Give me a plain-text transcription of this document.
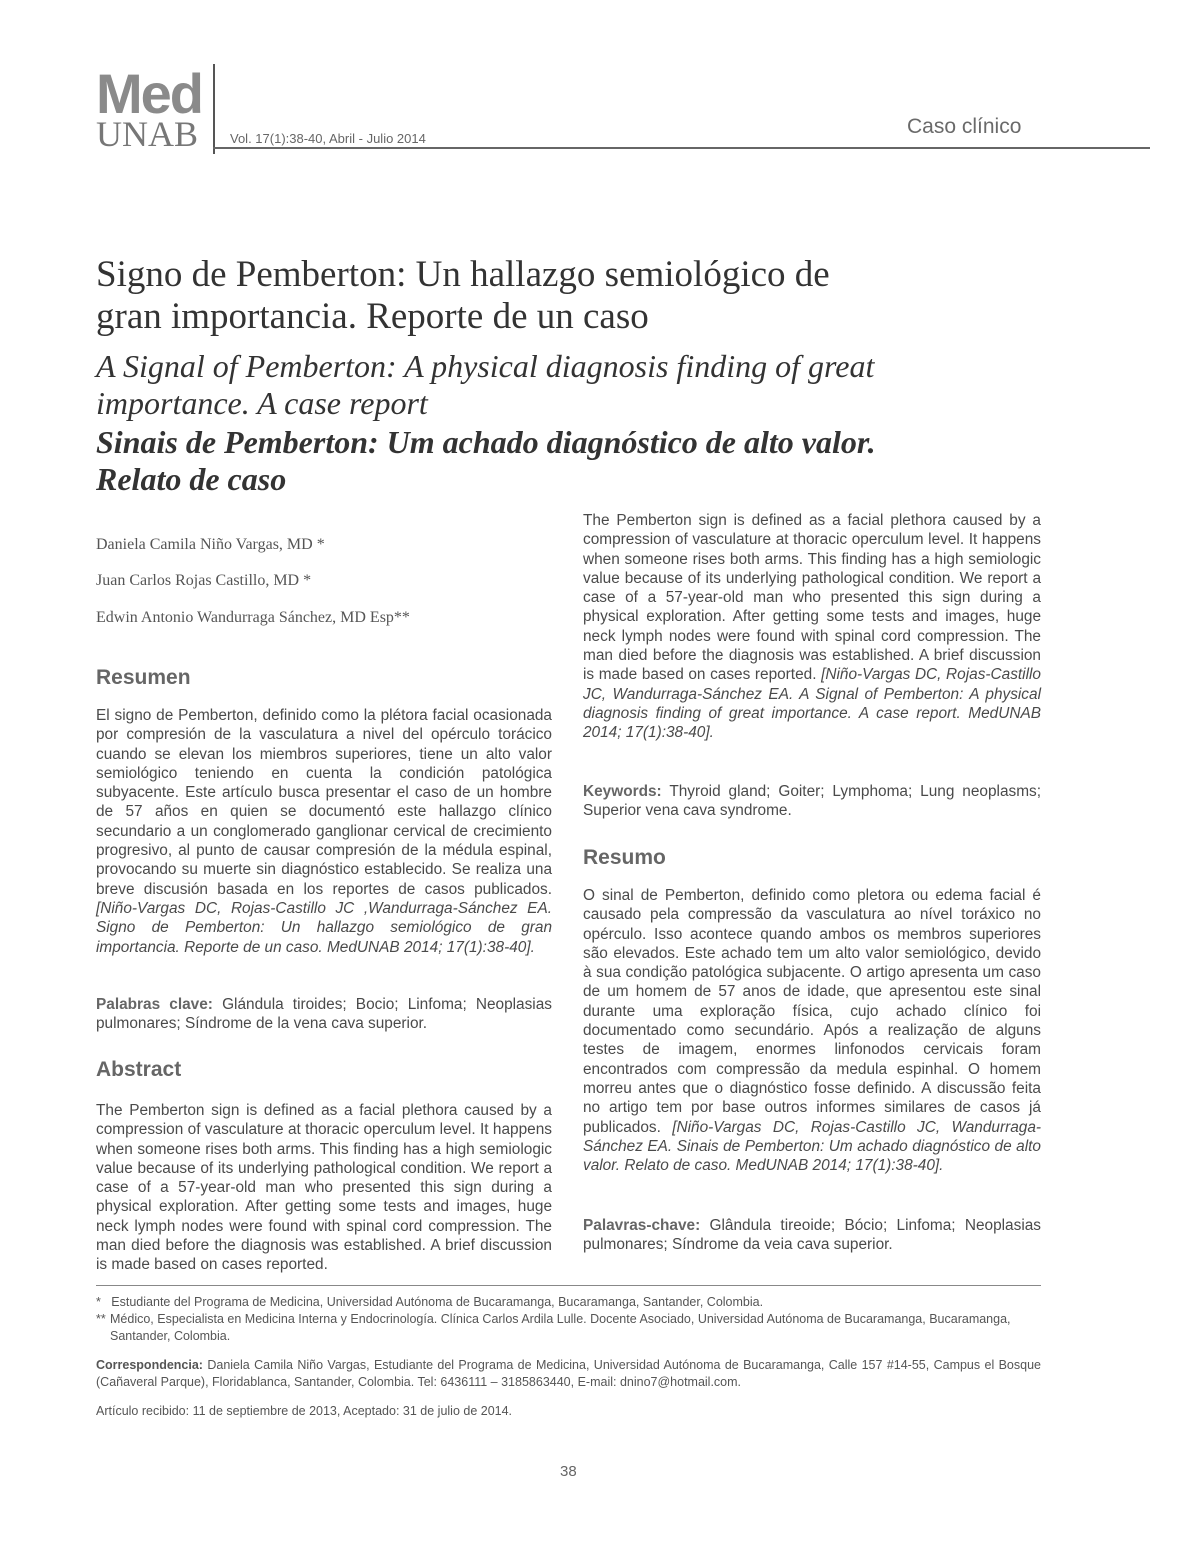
Med
UNAB Vol. 17(1):38-40, Abril - Julio 2014
Caso clínico
Signo de Pemberton: Un hallazgo semiológico de gran importancia. Reporte de un caso
A Signal of Pemberton: A physical diagnosis finding of great importance. A case report
Sinais de Pemberton: Um achado diagnóstico de alto valor. Relato de caso
Daniela Camila Niño Vargas, MD *
Juan Carlos Rojas Castillo, MD *
Edwin Antonio Wandurraga Sánchez, MD Esp**
Resumen
El signo de Pemberton, definido como la plétora facial ocasionada por compresión de la vasculatura a nivel del opérculo torácico cuando se elevan los miembros superiores, tiene un alto valor semiológico teniendo en cuenta la condición patológica subyacente. Este artículo busca presentar el caso de un hombre de 57 años en quien se documentó este hallazgo clínico secundario a un conglomerado ganglionar cervical de crecimiento progresivo, al punto de causar compresión de la médula espinal, provocando su muerte sin diagnóstico establecido. Se realiza una breve discusión basada en los reportes de casos publicados. [Niño-Vargas DC, Rojas-Castillo JC ,Wandurraga-Sánchez EA. Signo de Pemberton: Un hallazgo semiológico de gran importancia. Reporte de un caso. MedUNAB 2014; 17(1):38-40].
Palabras clave: Glándula tiroides; Bocio; Linfoma; Neoplasias pulmonares; Síndrome de la vena cava superior.
Abstract
The Pemberton sign is defined as a facial plethora caused by a compression of vasculature at thoracic operculum level. It happens when someone rises both arms. This finding has a high semiologic value because of its underlying pathological condition. We report a case of a 57-year-old man who presented this sign during a physical exploration. After getting some tests and images, huge neck lymph nodes were found with spinal cord compression. The man died before the diagnosis was established. A brief discussion is made based on cases reported.
The Pemberton sign is defined as a facial plethora caused by a compression of vasculature at thoracic operculum level. It happens when someone rises both arms. This finding has a high semiologic value because of its underlying pathological condition. We report a case of a 57-year-old man who presented this sign during a physical exploration. After getting some tests and images, huge neck lymph nodes were found with spinal cord compression. The man died before the diagnosis was established. A brief discussion is made based on cases reported. [Niño-Vargas DC, Rojas-Castillo JC, Wandurraga-Sánchez EA. A Signal of Pemberton: A physical diagnosis finding of great importance. A case report. MedUNAB 2014; 17(1):38-40].
Keywords: Thyroid gland; Goiter; Lymphoma; Lung neoplasms; Superior vena cava syndrome.
Resumo
O sinal de Pemberton, definido como pletora ou edema facial é causado pela compressão da vasculatura ao nível toráxico no opérculo. Isso acontece quando ambos os membros superiores são elevados. Este achado tem um alto valor semiológico, devido à sua condição patológica subjacente. O artigo apresenta um caso de um homem de 57 anos de idade, que apresentou este sinal durante uma exploração física, cujo achado clínico foi documentado como secundário. Após a realização de alguns testes de imagem, enormes linfonodos cervicais foram encontrados com compressão da medula espinhal. O homem morreu antes que o diagnóstico fosse definido. A discussão feita no artigo tem por base outros informes similares de casos já publicados. [Niño-Vargas DC, Rojas-Castillo JC, Wandurraga-Sánchez EA. Sinais de Pemberton: Um achado diagnóstico de alto valor. Relato de caso. MedUNAB 2014; 17(1):38-40].
Palavras-chave: Glândula tireoide; Bócio; Linfoma; Neoplasias pulmonares; Síndrome da veia cava superior.
* Estudiante del Programa de Medicina, Universidad Autónoma de Bucaramanga, Bucaramanga, Santander, Colombia.
** Médico, Especialista en Medicina Interna y Endocrinología. Clínica Carlos Ardila Lulle. Docente Asociado, Universidad Autónoma de Bucaramanga, Bucaramanga, Santander, Colombia.
Correspondencia: Daniela Camila Niño Vargas, Estudiante del Programa de Medicina, Universidad Autónoma de Bucaramanga, Calle 157 #14-55, Campus el Bosque (Cañaveral Parque), Floridablanca, Santander, Colombia. Tel: 6436111 – 3185863440, E-mail: dnino7@hotmail.com.
Artículo recibido: 11 de septiembre de 2013, Aceptado: 31 de julio de 2014.
38
